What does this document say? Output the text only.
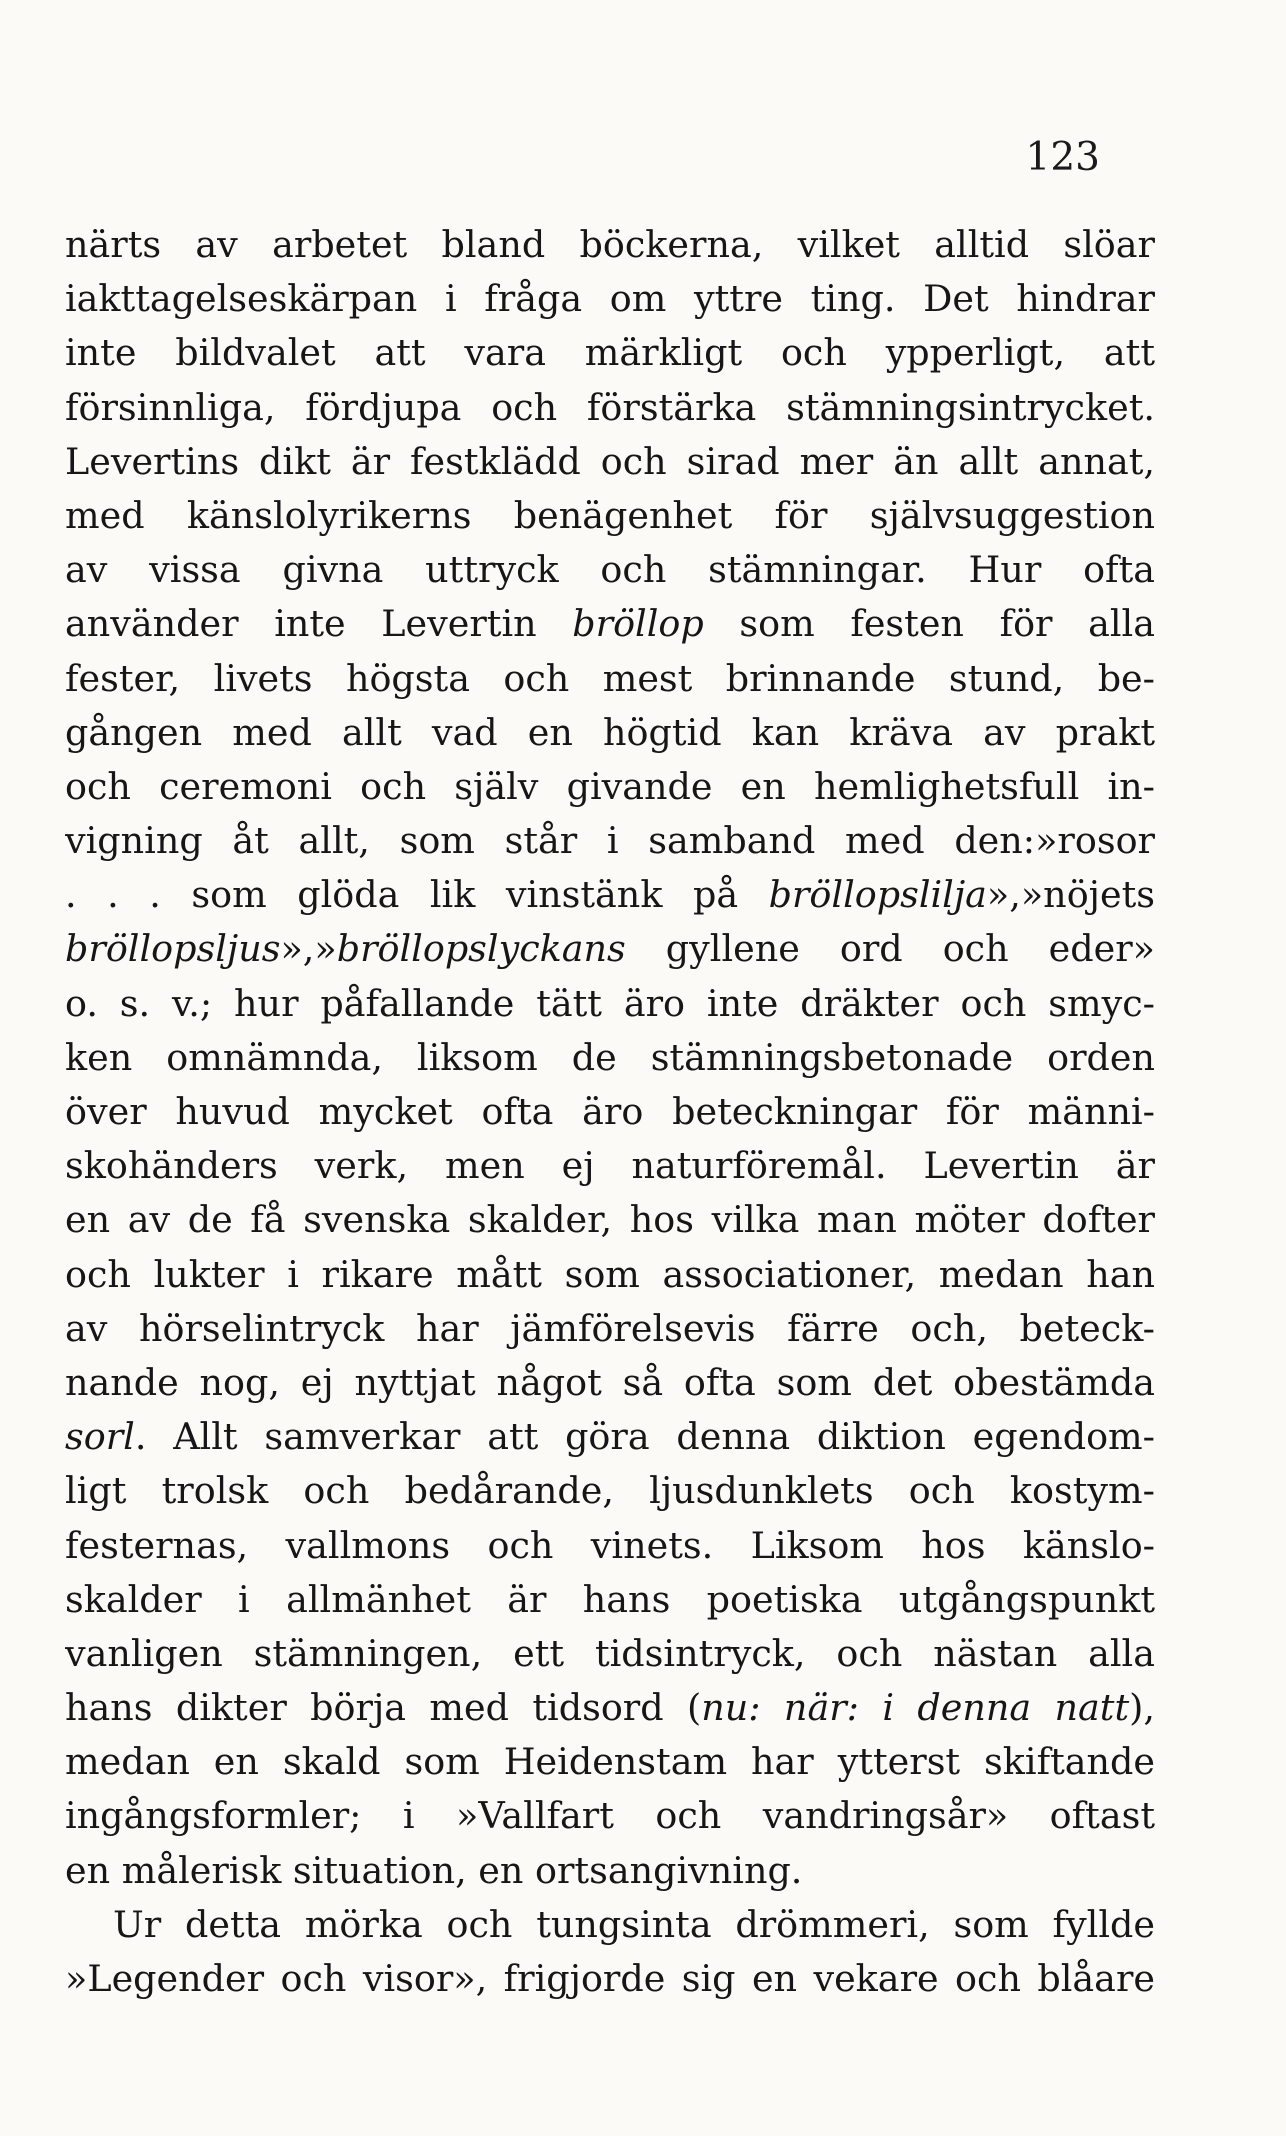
123
närts av arbetet bland böckerna, vilket alltid slöar
iakttagelseskärpan i fråga om yttre ting. Det hindrar
inte bildvalet att vara märkligt och ypperligt, att
försinnliga, fördjupa och förstärka stämningsintrycket.
Levertins dikt är festklädd och sirad mer än allt annat,
med känslolyrikerns benägenhet för självsuggestion
av vissa givna uttryck och stämningar. Hur ofta
använder inte Levertin bröllop som festen för alla
fester, livets högsta och mest brinnande stund, be-
gången med allt vad en högtid kan kräva av prakt
och ceremoni och själv givande en hemlighetsfull in-
vigning åt allt, som står i samband med den:»rosor
. . . som glöda lik vinstänk på bröllopslilja»,»nöjets
bröllopsljus»,»bröllopslyckans gyllene ord och eder»
o. s. v.; hur påfallande tätt äro inte dräkter och smyc-
ken omnämnda, liksom de stämningsbetonade orden
över huvud mycket ofta äro beteckningar för männi-
skohänders verk, men ej naturföremål. Levertin är
en av de få svenska skalder, hos vilka man möter dofter
och lukter i rikare mått som associationer, medan han
av hörselintryck har jämförelsevis färre och, beteck-
nande nog, ej nyttjat något så ofta som det obestämda
sorl. Allt samverkar att göra denna diktion egendom-
ligt trolsk och bedårande, ljusdunklets och kostym-
festernas, vallmons och vinets. Liksom hos känslo-
skalder i allmänhet är hans poetiska utgångspunkt
vanligen stämningen, ett tidsintryck, och nästan alla
hans dikter börja med tidsord (nu: när: i denna natt),
medan en skald som Heidenstam har ytterst skiftande
ingångsformler; i »Vallfart och vandringsår» oftast
en målerisk situation, en ortsangivning.
Ur detta mörka och tungsinta drömmeri, som fyllde
»Legender och visor», frigjorde sig en vekare och blåare
